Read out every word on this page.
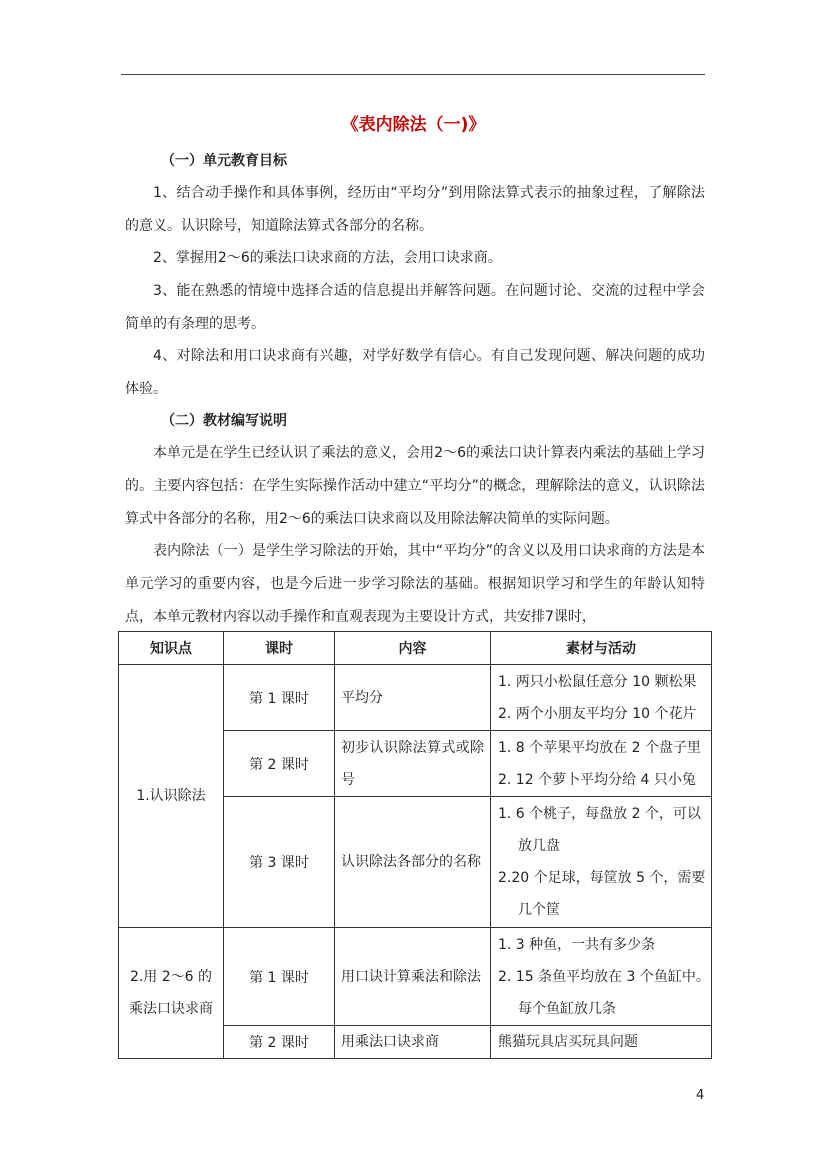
《表内除法（一)》

（一）单元教育目标

1、结合动手操作和具体事例，经历由“平均分”到用除法算式表示的抽象过程，了解除法的意义。认识除号，知道除法算式各部分的名称。

2、掌握用2～6的乘法口诀求商的方法，会用口诀求商。

3、能在熟悉的情境中选择合适的信息提出并解答问题。在问题讨论、交流的过程中学会简单的有条理的思考。

4、对除法和用口诀求商有兴趣，对学好数学有信心。有自己发现问题、解决问题的成功体验。

（二）教材编写说明

本单元是在学生已经认识了乘法的意义，会用2～6的乘法口诀计算表内乘法的基础上学习的。主要内容包括：在学生实际操作活动中建立“平均分”的概念，理解除法的意义，认识除法算式中各部分的名称，用2～6的乘法口诀求商以及用除法解决简单的实际问题。

表内除法（一）是学生学习除法的开始，其中“平均分”的含义以及用口诀求商的方法是本单元学习的重要内容，也是今后进一步学习除法的基础。根据知识学习和学生的年龄认知特点，本单元教材内容以动手操作和直观表现为主要设计方式，共安排7课时，

知识点	课时	内容	素材与活动
1.认识除法	第 1 课时	平均分	1. 两只小松鼠任意分 10 颗松果
2. 两个小朋友平均分 10 个花片

	第 2 课时	初步认识除法算式或除号	1. 8 个苹果平均放在 2 个盘子里
2. 12 个萝卜平均分给 4 只小兔

	第 3 课时	认识除法各部分的名称	1. 6 个桃子，每盘放 2 个，可以
放几盘
2.20 个足球，每筐放 5 个，需要
几个筐

2.用 2～6 的
乘法口诀求商	第 1 课时	用口诀计算乘法和除法	1. 3 种鱼，一共有多少条
2. 15 条鱼平均放在 3 个鱼缸中。
每个鱼缸放几条

	第 2 课时	用乘法口诀求商	熊猫玩具店买玩具问题
4
